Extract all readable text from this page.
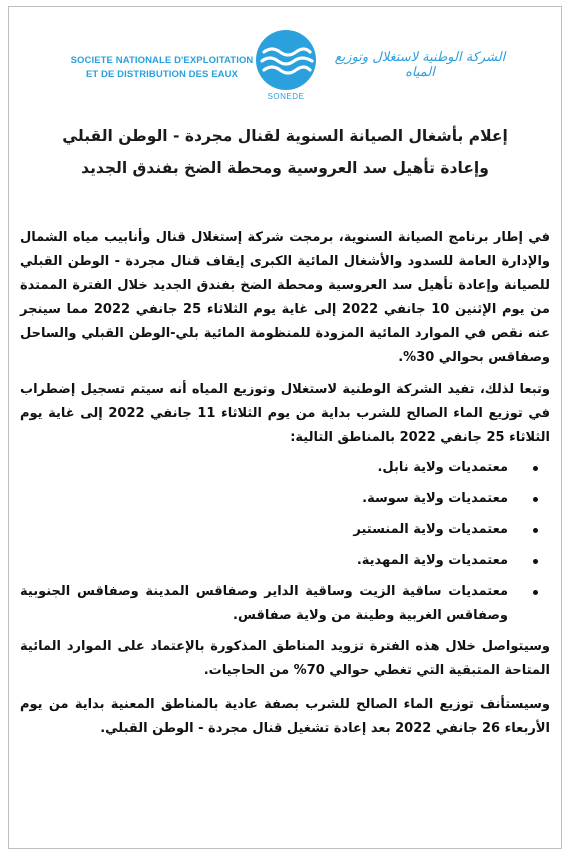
SOCIETE NATIONALE D'EXPLOITATION
ET DE DISTRIBUTION DES EAUX
SONEDE
الشركة الوطنية لاستغلال وتوزيع المياه
إعلام بأشغال الصيانة السنوية لقنال مجردة - الوطن القبلي
وإعادة تأهيل سد العروسية ومحطة الضخ بفندق الجديد

في إطار برنامج الصيانة السنوية، برمجت شركة إستغلال قنال وأنابيب مياه الشمال والإدارة العامة للسدود والأشغال المائية الكبرى إيقاف قنال مجردة - الوطن القبلي للصيانة وإعادة تأهيل سد العروسية ومحطة الضخ بفندق الجديد خلال الفترة الممتدة من يوم الإثنين 10 جانفي 2022 إلى غاية يوم الثلاثاء 25 جانفي 2022 مما سينجر عنه نقص في الموارد المائية المزودة للمنظومة المائية بلي-الوطن القبلي والساحل وصفاقس بحوالي 30%.

وتبعا لذلك، تفيد الشركة الوطنية لاستغلال وتوزيع المياه أنه سيتم تسجيل إضطراب في توزيع الماء الصالح للشرب بداية من يوم الثلاثاء 11 جانفي 2022 إلى غاية يوم الثلاثاء 25 جانفي 2022 بالمناطق التالية:

معتمديات ولاية نابل.
معتمديات ولاية سوسة.
معتمديات ولاية المنستير
معتمديات ولاية المهدية.
معتمديات ساقية الزيت وساقية الداير وصفاقس المدينة وصفاقس الجنوبية وصفاقس الغربية وطينة من ولاية صفاقس.

وسيتواصل خلال هذه الفترة تزويد المناطق المذكورة بالإعتماد على الموارد المائية المتاحة المتبقية التي تغطي حوالي 70% من الحاجيات.

وسيستأنف توزيع الماء الصالح للشرب بصفة عادية بالمناطق المعنية بداية من يوم الأربعاء 26 جانفي 2022 بعد إعادة تشغيل قنال مجردة - الوطن القبلي.
